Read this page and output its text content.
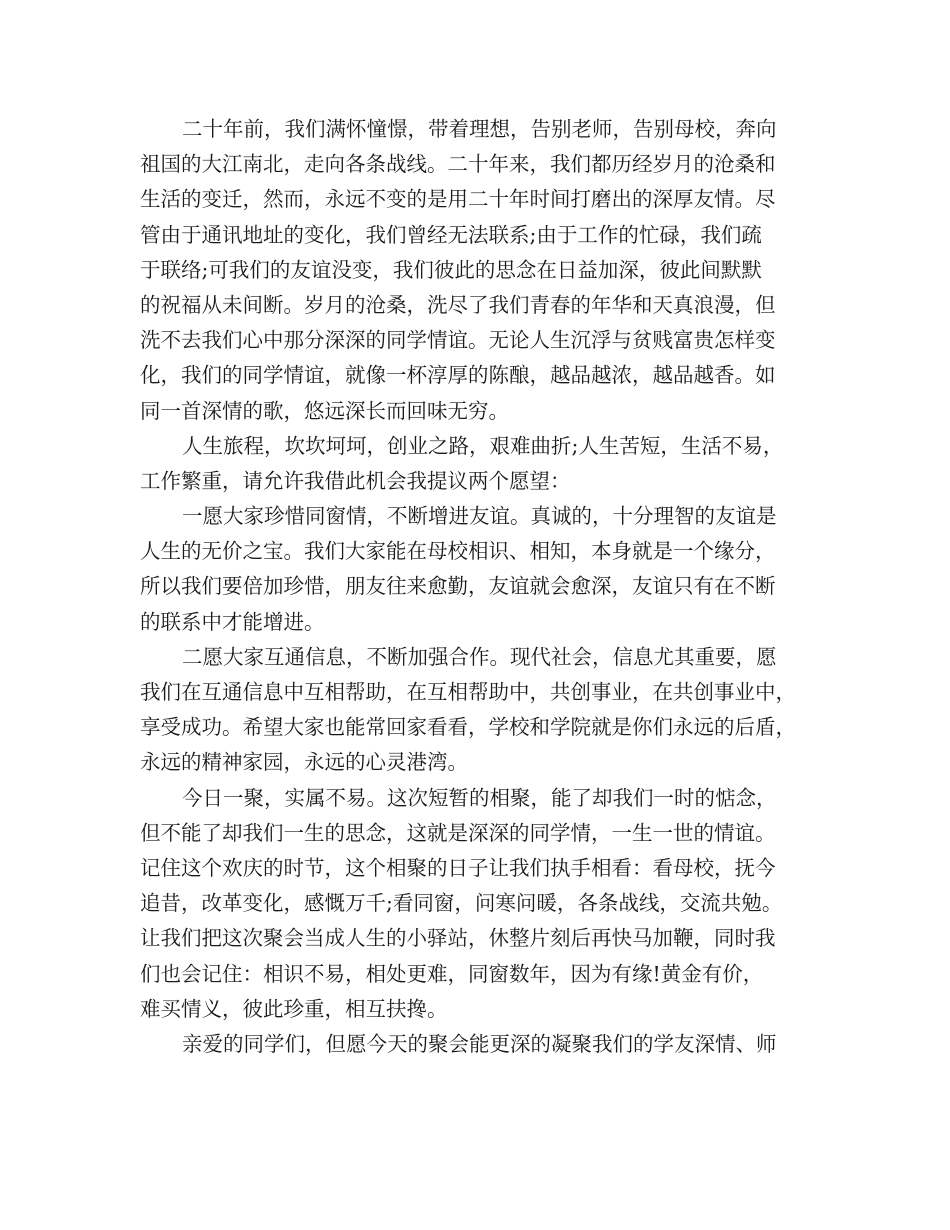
二十年前，我们满怀憧憬，带着理想，告别老师，告别母校，奔向
祖国的大江南北，走向各条战线。二十年来，我们都历经岁月的沧桑和
生活的变迁，然而，永远不变的是用二十年时间打磨出的深厚友情。尽
管由于通讯地址的变化，我们曾经无法联系;由于工作的忙碌，我们疏
于联络;可我们的友谊没变，我们彼此的思念在日益加深，彼此间默默
的祝福从未间断。岁月的沧桑，洗尽了我们青春的年华和天真浪漫，但
洗不去我们心中那分深深的同学情谊。无论人生沉浮与贫贱富贵怎样变
化，我们的同学情谊，就像一杯淳厚的陈酿，越品越浓，越品越香。如
同一首深情的歌，悠远深长而回味无穷。
人生旅程，坎坎坷坷，创业之路，艰难曲折;人生苦短，生活不易，
工作繁重，请允许我借此机会我提议两个愿望：
一愿大家珍惜同窗情，不断增进友谊。真诚的，十分理智的友谊是
人生的无价之宝。我们大家能在母校相识、相知，本身就是一个缘分，
所以我们要倍加珍惜，朋友往来愈勤，友谊就会愈深，友谊只有在不断
的联系中才能增进。
二愿大家互通信息，不断加强合作。现代社会，信息尤其重要，愿
我们在互通信息中互相帮助，在互相帮助中，共创事业，在共创事业中，
享受成功。希望大家也能常回家看看，学校和学院就是你们永远的后盾，
永远的精神家园，永远的心灵港湾。
今日一聚，实属不易。这次短暂的相聚，能了却我们一时的惦念，
但不能了却我们一生的思念，这就是深深的同学情，一生一世的情谊。
记住这个欢庆的时节，这个相聚的日子让我们执手相看：看母校，抚今
追昔，改革变化，感慨万千;看同窗，问寒问暖，各条战线，交流共勉。
让我们把这次聚会当成人生的小驿站，休整片刻后再快马加鞭，同时我
们也会记住：相识不易，相处更难，同窗数年，因为有缘!黄金有价，
难买情义，彼此珍重，相互扶搀。
亲爱的同学们，但愿今天的聚会能更深的凝聚我们的学友深情、师
